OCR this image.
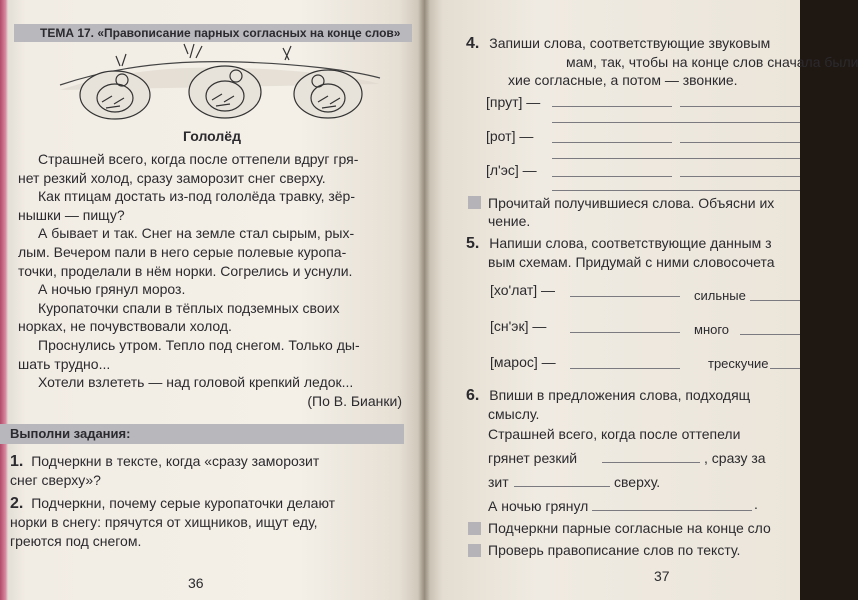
ТЕМА 17. «Правописание парных согласных на конце слов»
Гололёд

Страшней всего, когда после оттепели вдруг гря-

нет резкий холод, сразу заморозит снег сверху.

Как птицам достать из-под гололёда травку, зёр-

нышки — пищу?

А бывает и так. Снег на земле стал сырым, рых-

лым. Вечером пали в него серые полевые куропа-

точки, проделали в нём норки. Согрелись и уснули.

А ночью грянул мороз.

Куропаточки спали в тёплых подземных своих

норках, не почувствовали холод.

Проснулись утром. Тепло под снегом. Только ды-

шать трудно...

Хотели взлететь — над головой крепкий ледок...

(По В. Бианки)

Выполни задания:
1. Подчеркни в тексте, когда «сразу заморозит
снег сверху»?
2. Подчеркни, почему серые куропаточки делают
норки в снегу: прячутся от хищников, ищут еду,
греются под снегом.
36
4. Запиши слова, соответствующие звуковым
мам, так, чтобы на конце слов сначала были
хие согласные, а потом — звонкие.
[прут] —
[рот] —
[л'эс] —
Прочитай получившиеся слова. Объясни их
чение.
5. Напиши слова, соответствующие данным з
вым схемам. Придумай с ними словосочета
[хо'лат] —	сильные
[сн'эк] —	много
[марос] —	трескучие
6. Впиши в предложения слова, подходящ
смыслу.
Страшней всего, когда после оттепели
грянет резкий	, сразу за
зит	сверху.
А ночью грянул	.
Подчеркни парные согласные на конце сло
Проверь правописание слов по тексту.
37
